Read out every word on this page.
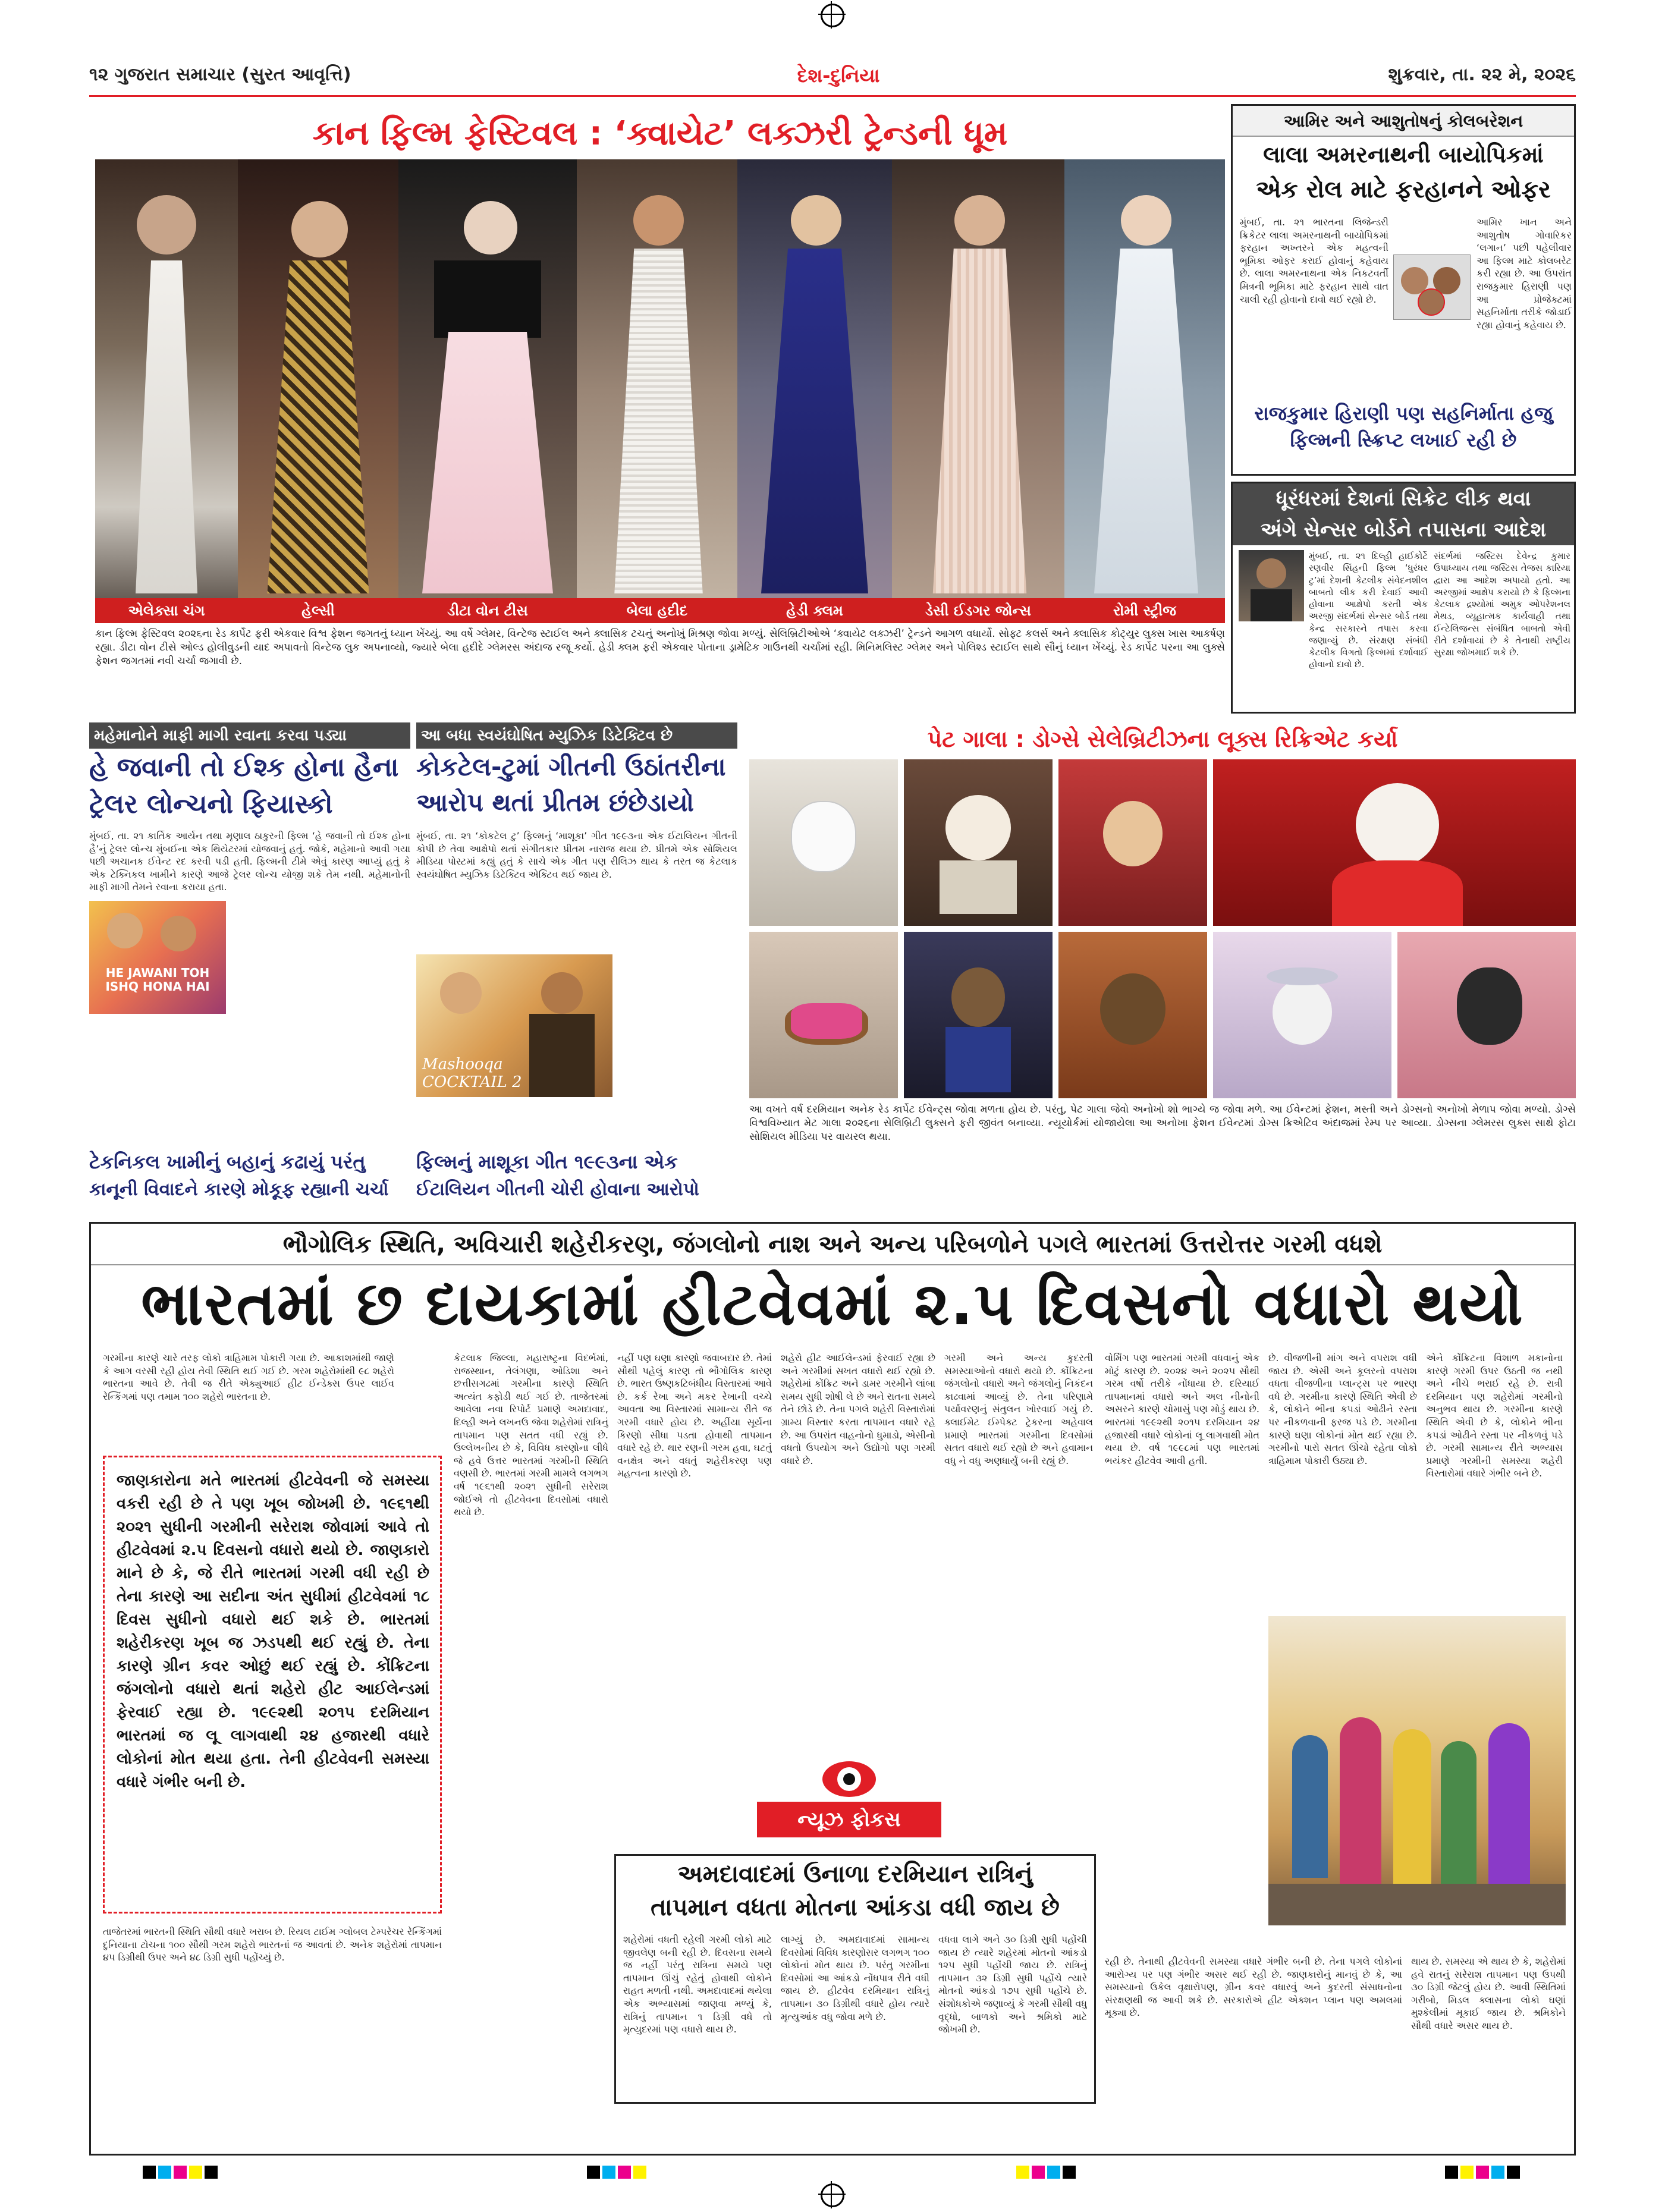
૧૨ ગુજરાત સમાચાર (સુરત આવૃત્તિ)	દેશ-દુનિયા	શુક્રવાર, તા. ૨૨ મે, ૨૦૨૬
કાન ફિલ્મ ફેસ્ટિવલ : ‘ક્વાયેટ’ લક્ઝરી ટ્રેન્ડની ધૂમ
એલેક્સા ચંગ	હેલ્સી	ડીટા વોન ટીસ	બેલા હદીદ	હેડી ક્લમ	ડેસી ઈડગર જોન્સ	રોમી સ્ટ્રીજ
કાન ફિલ્મ ફેસ્ટિવલ ૨૦૨૬ના રેડ કાર્પેટ ફરી એકવાર વિશ્વ ફેશન જગતનું ધ્યાન ખેંચ્યું. આ વર્ષે ગ્લેમર, વિન્ટેજ સ્ટાઈલ અને ક્લાસિક ટચનું અનોખું મિશ્રણ જોવા મળ્યું. સેલિબ્રિટીઓએ ‘ક્વાયેટ લક્ઝરી’ ટ્રેન્ડને આગળ વધાર્યો. સોફ્ટ કલર્સ અને ક્લાસિક કોટ્યુર લુક્સ ખાસ આકર્ષણ રહ્યા. ડીટા વોન ટીસે ઓલ્ડ હોલીવુડની યાદ અપાવતો વિન્ટેજ લુક અપનાવ્યો, જ્યારે બેલા હદીદે ગ્લેમરસ અંદાજ રજૂ કર્યો. હેડી ક્લમ ફરી એકવાર પોતાના ડ્રામેટિક ગાઉનથી ચર્ચામાં રહી. મિનિમલિસ્ટ ગ્લેમર અને પોલિશ્ડ સ્ટાઈલ સાથે સૌનું ધ્યાન ખેંચ્યું. રેડ કાર્પેટ પરના આ લુક્સે ફેશન જગતમાં નવી ચર્ચા જગાવી છે.
આમિર અને આશુતોષનું કોલબરેશન
લાલા અમરનાથની બાયોપિકમાં
એક રોલ માટે ફરહાનને ઓફર
મુંબઈ, તા. ૨૧ ભારતના લિજેન્ડરી ક્રિકેટર લાલા અમરનાથની બાયોપિકમાં ફરહાન અખ્તરને એક મહત્વની ભૂમિકા ઓફર કરાઈ હોવાનું કહેવાય છે. લાલા અમરનાથના એક નિકટવર્તી મિત્રની ભૂમિકા માટે ફરહાન સાથે વાત ચાલી રહી હોવાનો દાવો થઈ રહ્યો છે.
આમિર ખાન અને આશુતોષ ગોવારિકર ‘લગાન’ પછી પહેલીવાર આ ફિલ્મ માટે કોલબરેટ કરી રહ્યા છે. આ ઉપરાંત રાજકુમાર હિરાણી પણ આ પ્રોજેક્ટમાં સહનિર્માતા તરીકે જોડાઈ રહ્યા હોવાનું કહેવાય છે.
રાજકુમાર હિરાણી પણ સહનિર્માતા હજુ ફિલ્મની સ્ક્રિપ્ટ લખાઈ રહી છે
ધૂરંધરમાં દેશનાં સિક્રેટ લીક થવા
અંગે સેન્સર બોર્ડને તપાસના આદેશ
મુંબઈ, તા. ૨૧ દિલ્હી હાઈકોર્ટે રણવીર સિંહની ફિલ્મ ‘ધુરંધર ટુ’માં દેશની કેટલીક સંવેદનશીલ બાબતો લીક કરી દેવાઈ આવી હોવાના આક્ષેપો કરતી એક અરજી સંદર્ભમાં સેન્સર બોર્ડ તથા કેન્દ્ર સરકારને તપાસ કરવા જણાવ્યું છે. સંરક્ષણ સંબંધી કેટલીક વિગતો ફિલ્મમાં દર્શાવાઈ હોવાનો દાવો છે.
સંદર્ભમાં જસ્ટિસ દેવેન્દ્ર કુમાર ઉપાધ્યાય તથા જસ્ટિસ તેજસ કારિયા દ્વારા આ આદેશ અપાયો હતો. આ અરજીમાં આક્ષેપ કરાયો છે કે ફિલ્મના કેટલાક દ્રશ્યોમાં અમુક ઓપરેશનલ મેથડ, વ્યૂહાત્મક કાર્યવાહી તથા ઈન્ટેલિજન્સ સંબંધિત બાબતો એવી રીતે દર્શાવાયાં છે કે તેનાથી રાષ્ટ્રીય સુરક્ષા જોખમાઈ શકે છે.
મહેમાનોને માફી માગી રવાના કરવા પડ્યા
હે જવાની તો ઈશ્ક હોના હૈના
ટ્રેલર લોન્ચનો ફિયાસ્કો
મુંબઈ, તા. ૨૧ કાર્તિક આર્યન તથા મૃણાલ ઠાકુરની ફિલ્મ ‘હે જવાની તો ઈશ્ક હોના હૈ’નું ટ્રેલર લોન્ચ મુંબઈના એક થિયેટરમાં યોજવાનું હતું. જોકે, મહેમાનો આવી ગયા પછી અચાનક ઈવેન્ટ રદ કરવી પડી હતી. ફિલ્મની ટીમે એવું કારણ આપ્યું હતું કે એક ટેક્નિકલ ખામીને કારણે આજે ટ્રેલર લોન્ચ યોજી શકે તેમ નથી. મહેમાનોની માફી માગી તેમને રવાના કરાયા હતા.
HE JAWANI TOH ISHQ HONA HAI
ટેકનિકલ ખામીનું બહાનું કઢાયું પરંતુ
કાનૂની વિવાદને કારણે મોકૂફ રહ્યાની ચર્ચા
આ બધા સ્વયંઘોષિત મ્યુઝિક ડિટેક્ટિવ છે
કોકટેલ-ટુમાં ગીતની ઉઠાંતરીના
આરોપ થતાં પ્રીતમ છંછેડાયો
મુંબઈ, તા. ૨૧ ‘કોકટેલ ટુ’ ફિલ્મનું ‘માશૂકા’ ગીત ૧૯૯૩ના એક ઈટાલિયન ગીતની કોપી છે તેવા આક્ષેપો થતાં સંગીતકાર પ્રીતમ નારાજ થયા છે. પ્રીતમે એક સોશિયલ મીડિયા પોસ્ટમાં કહ્યું હતું કે સાચે એક ગીત પણ રીલિઝ થાય કે તરત જ કેટલાક સ્વયંઘોષિત મ્યુઝિક ડિટેક્ટિવ એક્ટિવ થઈ જાય છે.
Mashooqa COCKTAIL 2
ફિલ્મનું માશૂકા ગીત ૧૯૯૩ના એક
ઈટાલિયન ગીતની ચોરી હોવાના આરોપો
પેટ ગાલા : ડોગ્સે સેલેબ્રિટીઝના લૂક્સ રિક્રિએટ કર્યા
આ વખતે વર્ષ દરમિયાન અનેક રેડ કાર્પેટ ઈવેન્ટ્સ જોવા મળતા હોય છે. પરંતુ, પેટ ગાલા જેવો અનોખો શો ભાગ્યે જ જોવા મળે. આ ઈવેન્ટમાં ફેશન, મસ્તી અને ડોગ્સનો અનોખો મેળાપ જોવા મળ્યો. ડોગ્સે વિશ્વવિખ્યાત મેટ ગાલા ૨૦૨૬ના સેલિબ્રિટી લુક્સને ફરી જીવંત બનાવ્યા. ન્યૂયોર્કમાં યોજાયેલા આ અનોખા ફેશન ઈવેન્ટમાં ડોગ્સ ક્રિએટિવ અંદાજમાં રેમ્પ પર આવ્યા. ડોગ્સના ગ્લેમરસ લુક્સ સાથે ફોટા સોશિયલ મીડિયા પર વાયરલ થયા.
ભૌગોલિક સ્થિતિ, અવિચારી શહેરીકરણ, જંગલોનો નાશ અને અન્ય પરિબળોને પગલે ભારતમાં ઉત્તરોત્તર ગરમી વધશે
ભારતમાં છ દાયકામાં હીટવેવમાં ૨.૫ દિવસનો વધારો થયો
ગરમીના કારણે ચારે તરફ લોકો ત્રાહિમામ પોકારી ગયા છે. આકાશમાંથી જાણે કે આગ વરસી રહી હોય તેવી સ્થિતિ થઈ ગઈ છે. ગરમ શહેરોમાંથી ૯૮ શહેરો ભારતના આવે છે. તેવી જ રીતે એક્યુઆઈ હીટ ઈન્ડેક્સ ઉપર લાઈવ રેન્કિંગમાં પણ તમામ ૧૦૦ શહેરો ભારતના છે.
જાણકારોના મતે ભારતમાં હીટવેવની જે સમસ્યા વકરી રહી છે તે પણ ખૂબ જોખમી છે. ૧૯૬૧થી ૨૦૨૧ સુધીની ગરમીની સરેરાશ જોવામાં આવે તો હીટવેવમાં ૨.૫ દિવસનો વધારો થયો છે. જાણકારો માને છે કે, જે રીતે ભારતમાં ગરમી વધી રહી છે તેના કારણે આ સદીના અંત સુધીમાં હીટવેવમાં ૧૮ દિવસ સુધીનો વધારો થઈ શકે છે. ભારતમાં શહેરીકરણ ખૂબ જ ઝડપથી થઈ રહ્યું છે. તેના કારણે ગ્રીન કવર ઓછું થઈ રહ્યું છે. કોંક્રિટના જંગલોનો વધારો થતાં શહેરો હીટ આઈલેન્ડમાં ફેરવાઈ રહ્યા છે. ૧૯૯૨થી ૨૦૧૫ દરમિયાન ભારતમાં જ લૂ લાગવાથી ૨૪ હજારથી વધારે લોકોનાં મોત થયા હતા. તેની હીટવેવની સમસ્યા વધારે ગંભીર બની છે.
તાજેતરમાં ભારતની સ્થિતિ સૌથી વધારે ખરાબ છે. રિયલ ટાઈમ ગ્લોબલ ટેમ્પરેચર રેન્કિંગમાં દુનિયાના ટોચના ૧૦૦ સૌથી ગરમ શહેરો ભારતનાં જ આવતાં છે. અનેક શહેરોમાં તાપમાન ૪૫ ડિગ્રીથી ઉપર અને ૪૮ ડિગ્રી સુધી પહોંચ્યું છે.
કેટલાક જિલ્લા, મહારાષ્ટ્રના વિદર્ભમાં, રાજસ્થાન, તેલંગણા, ઓડિશા અને છત્તીસગઢમાં ગરમીના કારણે સ્થિતિ અત્યંત કફોડી થઈ ગઈ છે. તાજેતરમાં આવેલા નવા રિપોર્ટ પ્રમાણે અમદાવાદ, દિલ્હી અને લખનઉ જેવા શહેરોમાં રાત્રિનું તાપમાન પણ સતત વધી રહ્યું છે. ઉલ્લેખનીય છે કે, વિવિધ કારણોના લીધે જે હવે ઉત્તર ભારતમાં ગરમીની સ્થિતિ વણસી છે. ભારતમાં ગરમી મામલે લગભગ વર્ષ ૧૯૬૧થી ૨૦૨૧ સુધીની સરેરાશ જોઈએ તો હીટવેવના દિવસોમાં વધારો થયો છે.
નહીં પણ ઘણા કારણો જવાબદાર છે. તેમાં સૌથી પહેલું કારણ તો ભૌગોલિક કારણ છે. ભારત ઉષ્ણકટિબંધીય વિસ્તારમાં આવે છે. કર્ક રેખા અને મકર રેખાની વચ્ચે આવતા આ વિસ્તારમાં સામાન્ય રીતે જ ગરમી વધારે હોય છે. અહીંયા સૂર્યના કિરણો સીધા પડતા હોવાથી તાપમાન વધારે રહે છે. થાર રણની ગરમ હવા, ઘટતું વનક્ષેત્ર અને વધતું શહેરીકરણ પણ મહત્વના કારણો છે.
શહેરો હીટ આઈલેન્ડમાં ફેરવાઈ રહ્યા છે અને ગરમીમાં સખત વધારો થઈ રહ્યો છે. શહેરોમાં કોંક્રિટ અને ડામર ગરમીને લાંબા સમય સુધી શોષી લે છે અને રાતના સમયે તેને છોડે છે. તેના પગલે શહેરી વિસ્તારોમાં ગ્રામ્ય વિસ્તાર કરતા તાપમાન વધારે રહે છે. આ ઉપરાંત વાહનોનો ધુમાડો, એસીનો વધતો ઉપયોગ અને ઉદ્યોગો પણ ગરમી વધારે છે.
ગરમી અને અન્ય કુદરતી સમસ્યાઓનો વધારો થયો છે. કોંક્રિટના જંગલોનો વધારો અને જંગલોનું નિકંદન કાઢવામાં આવ્યું છે. તેના પરિણામે પર્યાવરણનું સંતુલન ખોરવાઈ ગયું છે. ક્લાઈમેટ ઈમ્પેક્ટ ટ્રેકરના અહેવાલ પ્રમાણે ભારતમાં ગરમીના દિવસોમાં સતત વધારો થઈ રહ્યો છે અને હવામાન વધુ ને વધુ અણધાર્યું બની રહ્યું છે.
ન્યૂઝ ફોકસ
અમદાવાદમાં ઉનાળા દરમિયાન રાત્રિનું
તાપમાન વધતા મોતના આંકડા વધી જાય છે
શહેરોમાં વધતી રહેલી ગરમી લોકો માટે જીવલેણ બની રહી છે. દિવસના સમયે જ નહીં પરંતુ રાત્રિના સમયે પણ તાપમાન ઊંચું રહેતું હોવાથી લોકોને રાહત મળતી નથી. અમદાવાદમાં થયેલા એક અભ્યાસમાં જાણવા મળ્યું કે, રાત્રિનું તાપમાન ૧ ડિગ્રી વધે તો મૃત્યુદરમાં પણ વધારો થાય છે.
લાગ્યું છે. અમદાવાદમાં સામાન્ય દિવસોમાં વિવિધ કારણોસર લગભગ ૧૦૦ લોકોનાં મોત થાય છે. પરંતુ ગરમીના દિવસોમાં આ આંકડો નોંધપાત્ર રીતે વધી જાય છે. હીટવેવ દરમિયાન રાત્રિનું તાપમાન ૩૦ ડિગ્રીથી વધારે હોય ત્યારે મૃત્યુઆંક વધુ જોવા મળે છે.
વધવા લાગે અને ૩૦ ડિગ્રી સુધી પહોંચી જાય છે ત્યારે શહેરમાં મોતનો આંકડો ૧૨૫ સુધી પહોંચી જાય છે. રાત્રિનું તાપમાન ૩૨ ડિગ્રી સુધી પહોંચે ત્યારે મોતનો આંકડો ૧૭૫ સુધી પહોંચે છે. સંશોધકોએ જણાવ્યું કે ગરમી સૌથી વધુ વૃદ્ધો, બાળકો અને શ્રમિકો માટે જોખમી છે.
વોર્મિંગ પણ ભારતમાં ગરમી વધવાનું એક મોટું કારણ છે. ૨૦૨૪ અને ૨૦૨૫ સૌથી ગરમ વર્ષો તરીકે નોંધાયા છે. દરિયાઈ તાપમાનમાં વધારો અને અલ નીનોની અસરને કારણે ચોમાસું પણ મોડું થાય છે. ભારતમાં ૧૯૯૨થી ૨૦૧૫ દરમિયાન ૨૪ હજારથી વધારે લોકોનાં લૂ લાગવાથી મોત થયા છે. વર્ષ ૧૯૯૮માં પણ ભારતમાં ભયંકર હીટવેવ આવી હતી.
છે. વીજળીની માંગ અને વપરાશ વધી જાય છે. એસી અને કૂલરનો વપરાશ વધતા વીજળીના પ્લાન્ટ્સ પર ભારણ વધે છે. ગરમીના કારણે સ્થિતિ એવી છે કે, લોકોને ભીના કપડાં ઓઢીને રસ્તા પર નીકળવાની ફરજ પડે છે. ગરમીના કારણે ઘણા લોકોનાં મોત થઈ રહ્યા છે. ગરમીનો પારો સતત ઊંચો રહેતા લોકો ત્રાહિમામ પોકારી ઉઠ્યા છે.
એને કોંક્રિટના વિશાળ મકાનોના કારણે ગરમી ઉપર ઉઠતી જ નથી અને નીચે ભરાઈ રહે છે. રાત્રી દરમિયાન પણ શહેરોમાં ગરમીનો અનુભવ થાય છે. ગરમીના કારણે સ્થિતિ એવી છે કે, લોકોને ભીના કપડાં ઓઢીને રસ્તા પર નીકળવું પડે છે. ગરમી સામાન્ય રીતે અભ્યાસ પ્રમાણે ગરમીની સમસ્યા શહેરી વિસ્તારોમાં વધારે ગંભીર બને છે.
રહી છે. તેનાથી હીટવેવની સમસ્યા વધારે ગંભીર બની છે. તેના પગલે લોકોનાં આરોગ્ય પર પણ ગંભીર અસર થઈ રહી છે. જાણકારોનું માનવું છે કે, આ સમસ્યાનો ઉકેલ વૃક્ષારોપણ, ગ્રીન કવર વધારવું અને કુદરતી સંસાધનોના સંરક્ષણથી જ આવી શકે છે. સરકારોએ હીટ એક્શન પ્લાન પણ અમલમાં મૂક્યા છે.
થાય છે. સમસ્યા એ થાય છે કે, શહેરોમાં હવે રાતનું સરેરાશ તાપમાન પણ ઉપથી ૩૦ ડિગ્રી જેટલું હોય છે. આવી સ્થિતિમાં ગરીબો, મિડલ ક્લાસના લોકો ઘણાં મુશ્કેલીમાં મૂકાઈ જાય છે. શ્રમિકોને સૌથી વધારે અસર થાય છે.
